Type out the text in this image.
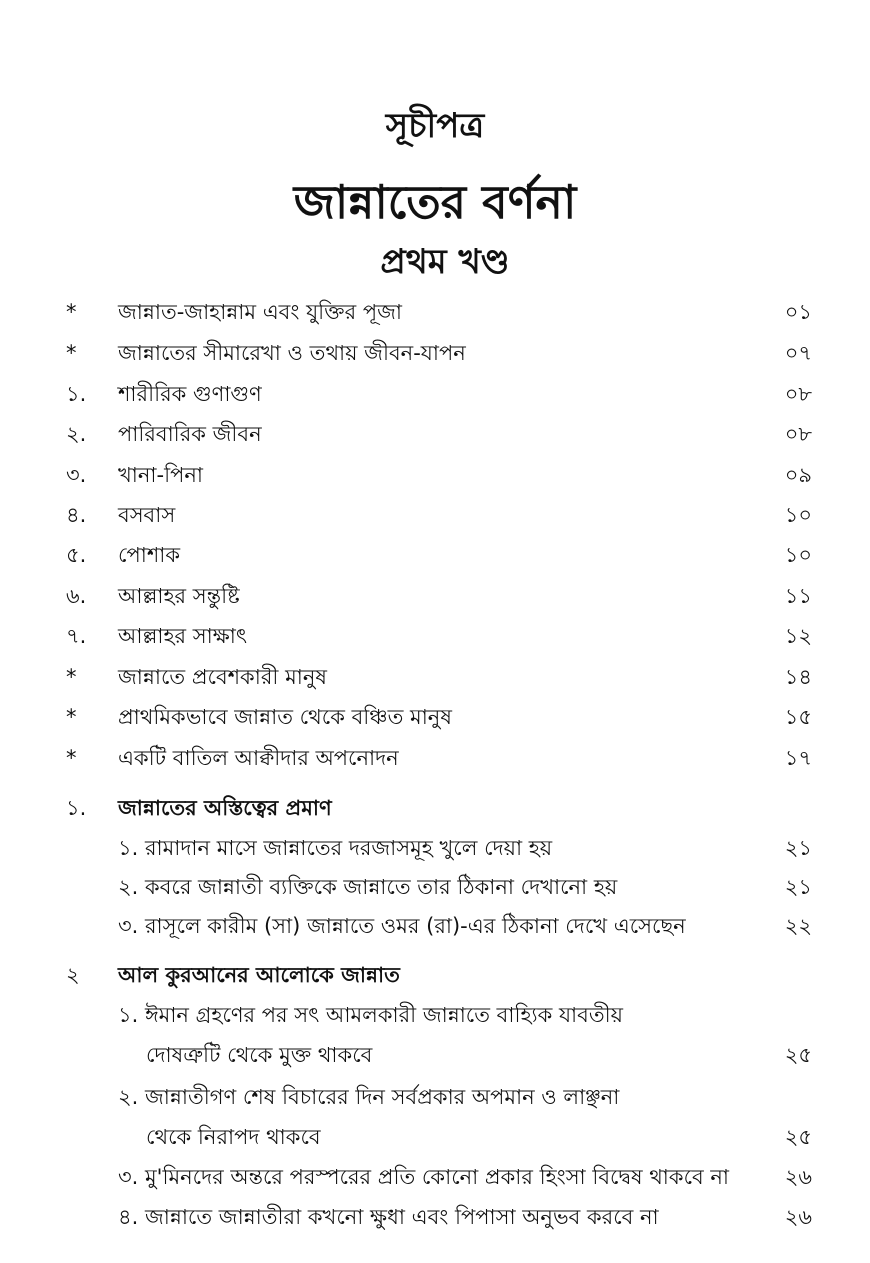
সূচীপত্র
জান্নাতের বর্ণনা
প্রথম খণ্ড
*	জান্নাত-জাহান্নাম এবং যুক্তির পূজা	০১
*	জান্নাতের সীমারেখা ও তথায় জীবন-যাপন	০৭
১.	শারীরিক গুণাগুণ	০৮
২.	পারিবারিক জীবন	০৮
৩.	খানা-পিনা	০৯
৪.	বসবাস	১০
৫.	পোশাক	১০
৬.	আল্লাহর সন্তুষ্টি	১১
৭.	আল্লাহর সাক্ষাৎ	১২
*	জান্নাতে প্রবেশকারী মানুষ	১৪
*	প্রাথমিকভাবে জান্নাত থেকে বঞ্চিত মানুষ	১৫
*	একটি বাতিল আক্বীদার অপনোদন	১৭
১.	জান্নাতের অস্তিত্বের প্রমাণ
১. রামাদান মাসে জান্নাতের দরজাসমূহ খুলে দেয়া হয়	২১
২. কবরে জান্নাতী ব্যক্তিকে জান্নাতে তার ঠিকানা দেখানো হয়	২১
৩. রাসূলে কারীম (সা) জান্নাতে ওমর (রা)-এর ঠিকানা দেখে এসেছেন	২২
২	আল কুরআনের আলোকে জান্নাত
১. ঈমান গ্রহণের পর সৎ আমলকারী জান্নাতে বাহ্যিক যাবতীয়
দোষত্রুটি থেকে মুক্ত থাকবে	২৫
২. জান্নাতীগণ শেষ বিচারের দিন সর্বপ্রকার অপমান ও লাঞ্ছনা
থেকে নিরাপদ থাকবে	২৫
৩. মু'মিনদের অন্তরে পরস্পরের প্রতি কোনো প্রকার হিংসা বিদ্বেষ থাকবে না	২৬
৪. জান্নাতে জান্নাতীরা কখনো ক্ষুধা এবং পিপাসা অনুভব করবে না	২৬
